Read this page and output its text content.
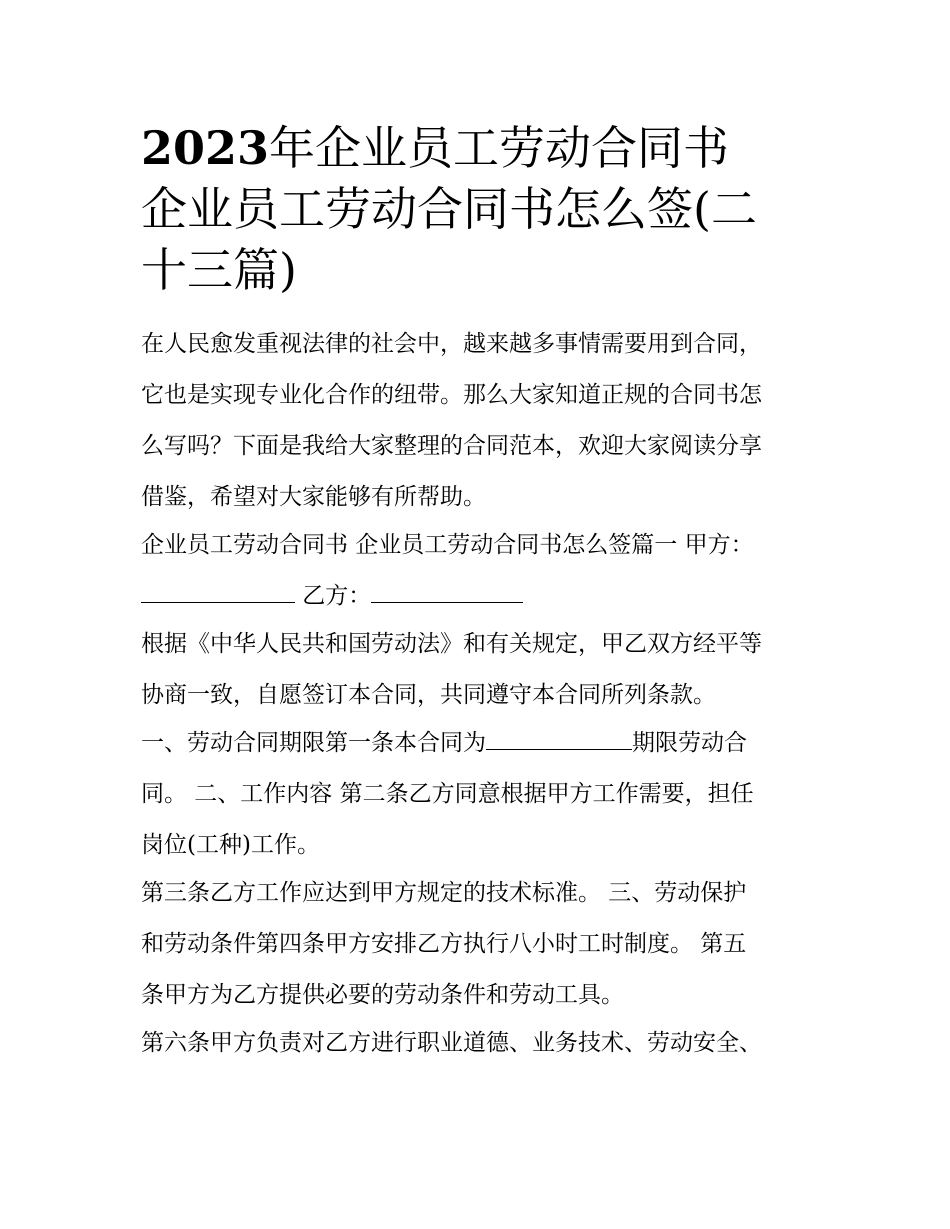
2023年企业员工劳动合同书
企业员工劳动合同书怎么签(二
十三篇)

在人民愈发重视法律的社会中，越来越多事情需要用到合同，
它也是实现专业化合作的纽带。那么大家知道正规的合同书怎
么写吗？下面是我给大家整理的合同范本，欢迎大家阅读分享
借鉴，希望对大家能够有所帮助。

企业员工劳动合同书 企业员工劳动合同书怎么签篇一 甲方：
乙方：

根据《中华人民共和国劳动法》和有关规定，甲乙双方经平等
协商一致，自愿签订本合同，共同遵守本合同所列条款。

一、劳动合同期限第一条本合同为	期限劳动合
同。 二、工作内容 第二条乙方同意根据甲方工作需要，担任
岗位(工种)工作。

第三条乙方工作应达到甲方规定的技术标准。 三、劳动保护
和劳动条件第四条甲方安排乙方执行八小时工时制度。 第五
条甲方为乙方提供必要的劳动条件和劳动工具。

第六条甲方负责对乙方进行职业道德、业务技术、劳动安全、
